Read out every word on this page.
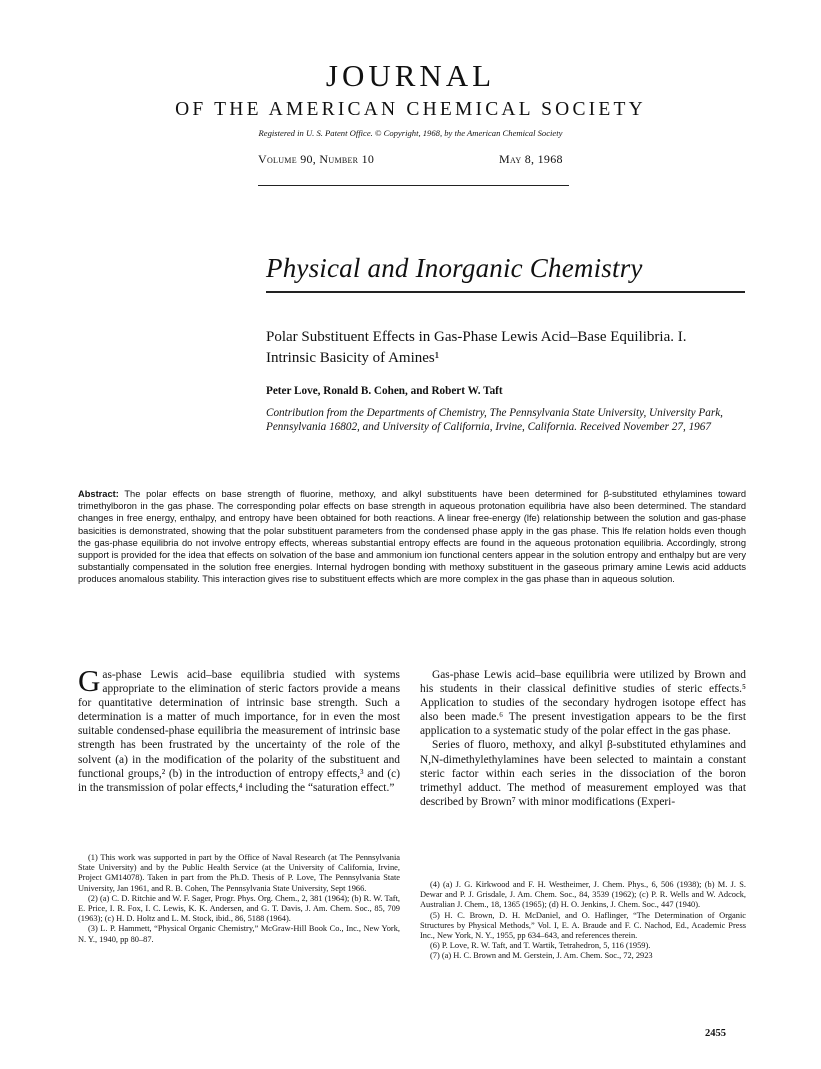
JOURNAL
OF THE AMERICAN CHEMICAL SOCIETY
Registered in U. S. Patent Office. © Copyright, 1968, by the American Chemical Society
Volume 90, Number 10	May 8, 1968
Physical and Inorganic Chemistry
Polar Substituent Effects in Gas-Phase Lewis Acid–Base Equilibria. I. Intrinsic Basicity of Amines¹
Peter Love, Ronald B. Cohen, and Robert W. Taft
Contribution from the Departments of Chemistry, The Pennsylvania State University, University Park, Pennsylvania 16802, and University of California, Irvine, California. Received November 27, 1967
Abstract: The polar effects on base strength of fluorine, methoxy, and alkyl substituents have been determined for β-substituted ethylamines toward trimethylboron in the gas phase. The corresponding polar effects on base strength in aqueous protonation equilibria have also been determined. The standard changes in free energy, enthalpy, and entropy have been obtained for both reactions. A linear free-energy (lfe) relationship between the solution and gas-phase basicities is demonstrated, showing that the polar substituent parameters from the condensed phase apply in the gas phase. This lfe relation holds even though the gas-phase equilibria do not involve entropy effects, whereas substantial entropy effects are found in the aqueous protonation equilibria. Accordingly, strong support is provided for the idea that effects on solvation of the base and ammonium ion functional centers appear in the solution entropy and enthalpy but are very substantially compensated in the solution free energies. Internal hydrogen bonding with methoxy substituent in the gaseous primary amine Lewis acid adducts produces anomalous stability. This interaction gives rise to substituent effects which are more complex in the gas phase than in aqueous solution.

Gas-phase Lewis acid–base equilibria studied with systems appropriate to the elimination of steric factors provide a means for quantitative determination of intrinsic base strength. Such a determination is a matter of much importance, for in even the most suitable condensed-phase equilibria the measurement of intrinsic base strength has been frustrated by the uncertainty of the role of the solvent (a) in the modification of the polarity of the substituent and functional groups,² (b) in the introduction of entropy effects,³ and (c) in the transmission of polar effects,⁴ including the “saturation effect.”

Gas-phase Lewis acid–base equilibria were utilized by Brown and his students in their classical definitive studies of steric effects.⁵ Application to studies of the secondary hydrogen isotope effect has also been made.⁶ The present investigation appears to be the first application to a systematic study of the polar effect in the gas phase.

Series of fluoro, methoxy, and alkyl β-substituted ethylamines and N,N-dimethylethylamines have been selected to maintain a constant steric factor within each series in the dissociation of the boron trimethyl adduct. The method of measurement employed was that described by Brown⁷ with minor modifications (Experi-

(1) This work was supported in part by the Office of Naval Research (at The Pennsylvania State University) and by the Public Health Service (at the University of California, Irvine, Project GM14078). Taken in part from the Ph.D. Thesis of P. Love, The Pennsylvania State University, Jan 1961, and R. B. Cohen, The Pennsylvania State University, Sept 1966.

(2) (a) C. D. Ritchie and W. F. Sager, Progr. Phys. Org. Chem., 2, 381 (1964); (b) R. W. Taft, E. Price, I. R. Fox, I. C. Lewis, K. K. Andersen, and G. T. Davis, J. Am. Chem. Soc., 85, 709 (1963); (c) H. D. Holtz and L. M. Stock, ibid., 86, 5188 (1964).

(3) L. P. Hammett, “Physical Organic Chemistry,” McGraw-Hill Book Co., Inc., New York, N. Y., 1940, pp 80–87.

(4) (a) J. G. Kirkwood and F. H. Westheimer, J. Chem. Phys., 6, 506 (1938); (b) M. J. S. Dewar and P. J. Grisdale, J. Am. Chem. Soc., 84, 3539 (1962); (c) P. R. Wells and W. Adcock, Australian J. Chem., 18, 1365 (1965); (d) H. O. Jenkins, J. Chem. Soc., 447 (1940).

(5) H. C. Brown, D. H. McDaniel, and O. Haflinger, “The Determination of Organic Structures by Physical Methods,” Vol. I, E. A. Braude and F. C. Nachod, Ed., Academic Press Inc., New York, N. Y., 1955, pp 634–643, and references therein.

(6) P. Love, R. W. Taft, and T. Wartik, Tetrahedron, 5, 116 (1959).

(7) (a) H. C. Brown and M. Gerstein, J. Am. Chem. Soc., 72, 2923

2455
